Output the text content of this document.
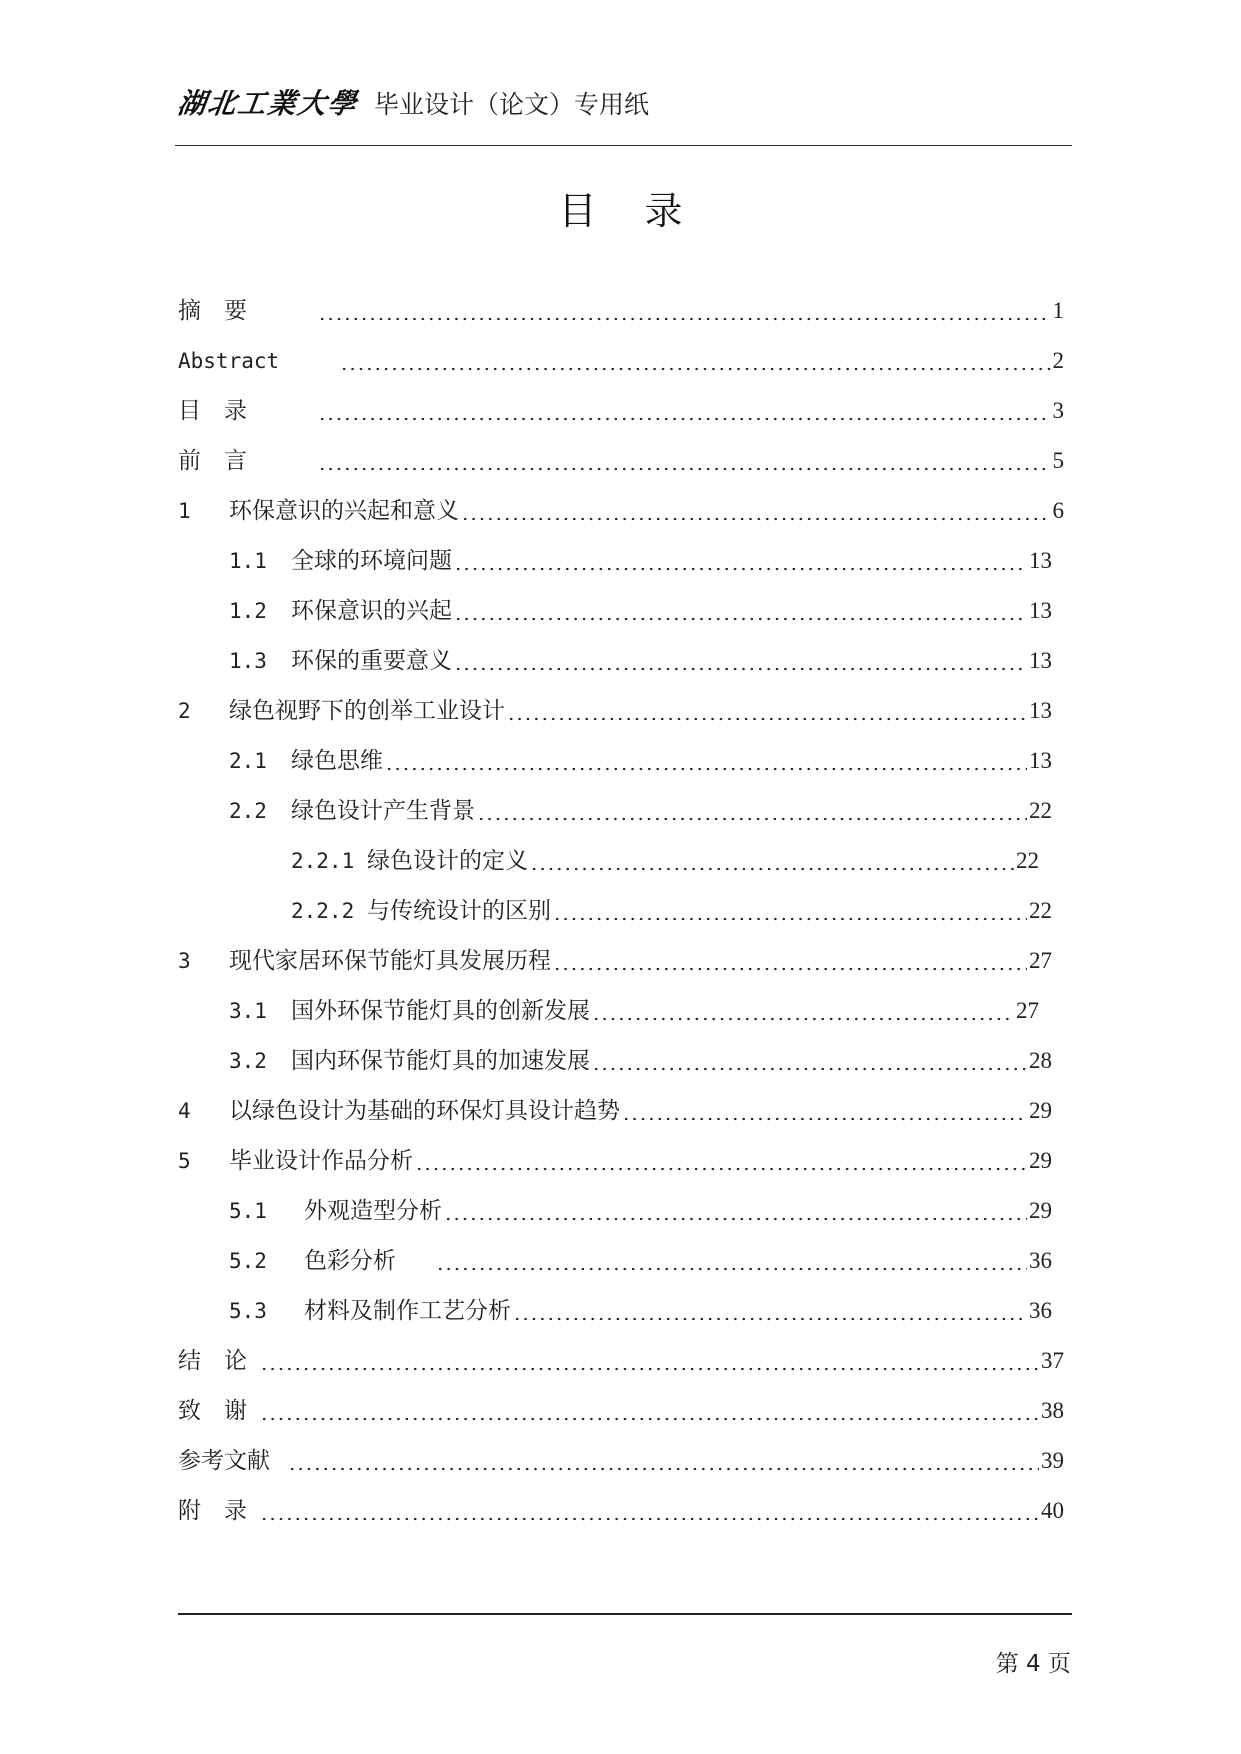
湖北工業大學 毕业设计（论文）专用纸
目录
摘　要	1
Abstract	2
目　录	3
前　言	5
1	环保意识的兴起和意义	6
1.1	全球的环境问题	13
1.2	环保意识的兴起	13
1.3	环保的重要意义	13
2	绿色视野下的创举工业设计	13
2.1	绿色思维	13
2.2	绿色设计产生背景	22
2.2.1 绿色设计的定义	22
2.2.2 与传统设计的区别	22
3	现代家居环保节能灯具发展历程	27
3.1	国外环保节能灯具的创新发展	27
3.2	国内环保节能灯具的加速发展	28
4	以绿色设计为基础的环保灯具设计趋势	29
5	毕业设计作品分析	29
5.1	外观造型分析	29
5.2	色彩分析	36
5.3	材料及制作工艺分析	36
结　论	37
致　谢	38
参考文献	39
附　录	40
第 4 页
